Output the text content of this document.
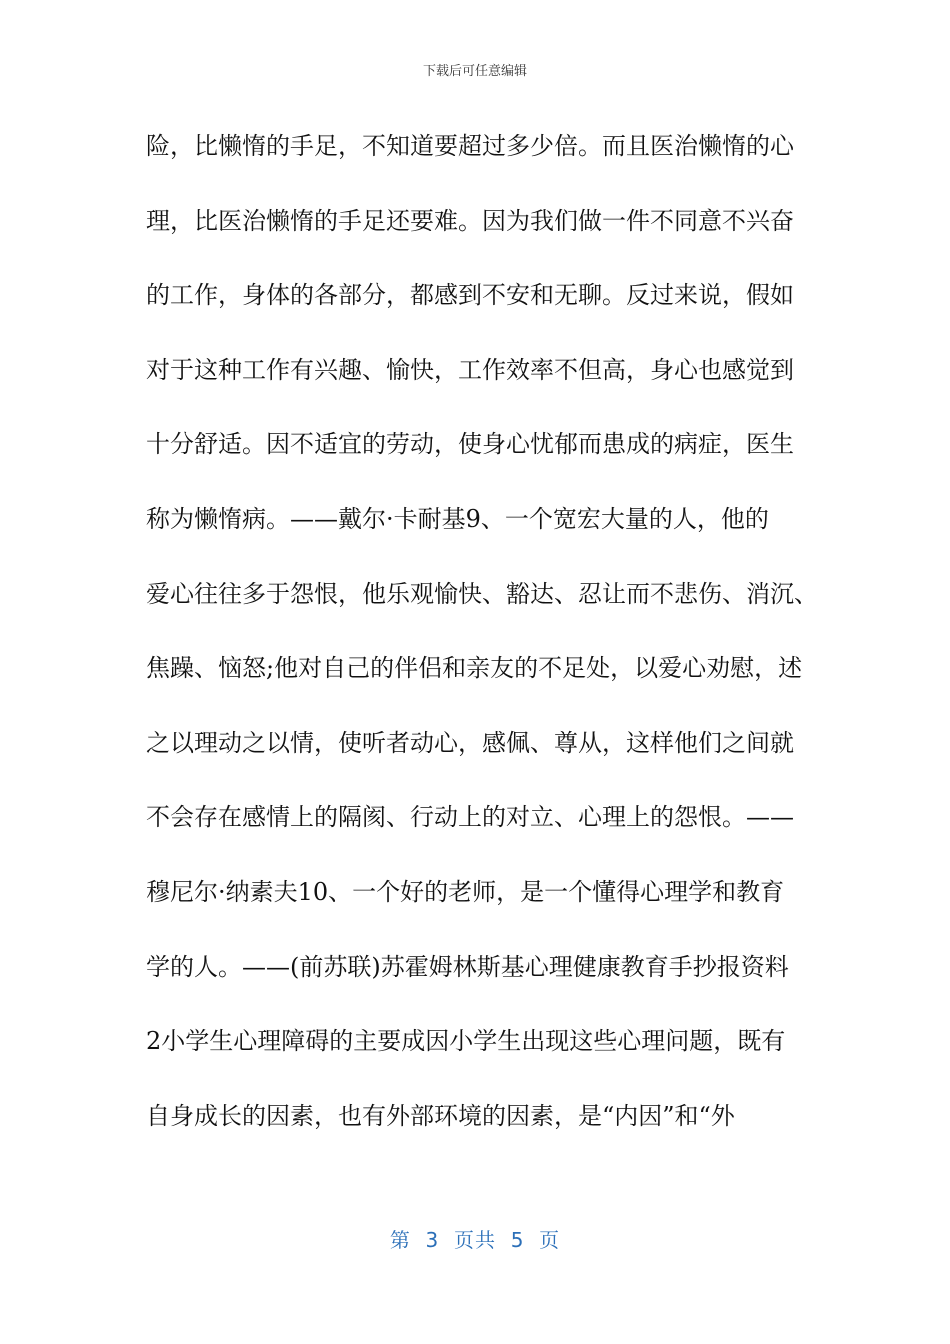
下载后可任意编辑
险，比懒惰的手足，不知道要超过多少倍。而且医治懒惰的心
理，比医治懒惰的手足还要难。因为我们做一件不同意不兴奋
的工作，身体的各部分，都感到不安和无聊。反过来说，假如
对于这种工作有兴趣、愉快，工作效率不但高，身心也感觉到
十分舒适。因不适宜的劳动，使身心忧郁而患成的病症，医生
称为懒惰病。——戴尔·卡耐基9、一个宽宏大量的人，他的
爱心往往多于怨恨，他乐观愉快、豁达、忍让而不悲伤、消沉、
焦躁、恼怒;他对自己的伴侣和亲友的不足处，以爱心劝慰，述
之以理动之以情，使听者动心，感佩、尊从，这样他们之间就
不会存在感情上的隔阂、行动上的对立、心理上的怨恨。——
穆尼尔·纳素夫10、一个好的老师，是一个懂得心理学和教育
学的人。——(前苏联)苏霍姆林斯基心理健康教育手抄报资料
2小学生心理障碍的主要成因小学生出现这些心理问题，既有
自身成长的因素，也有外部环境的因素，是“内因”和“外
第  3  页共  5  页
